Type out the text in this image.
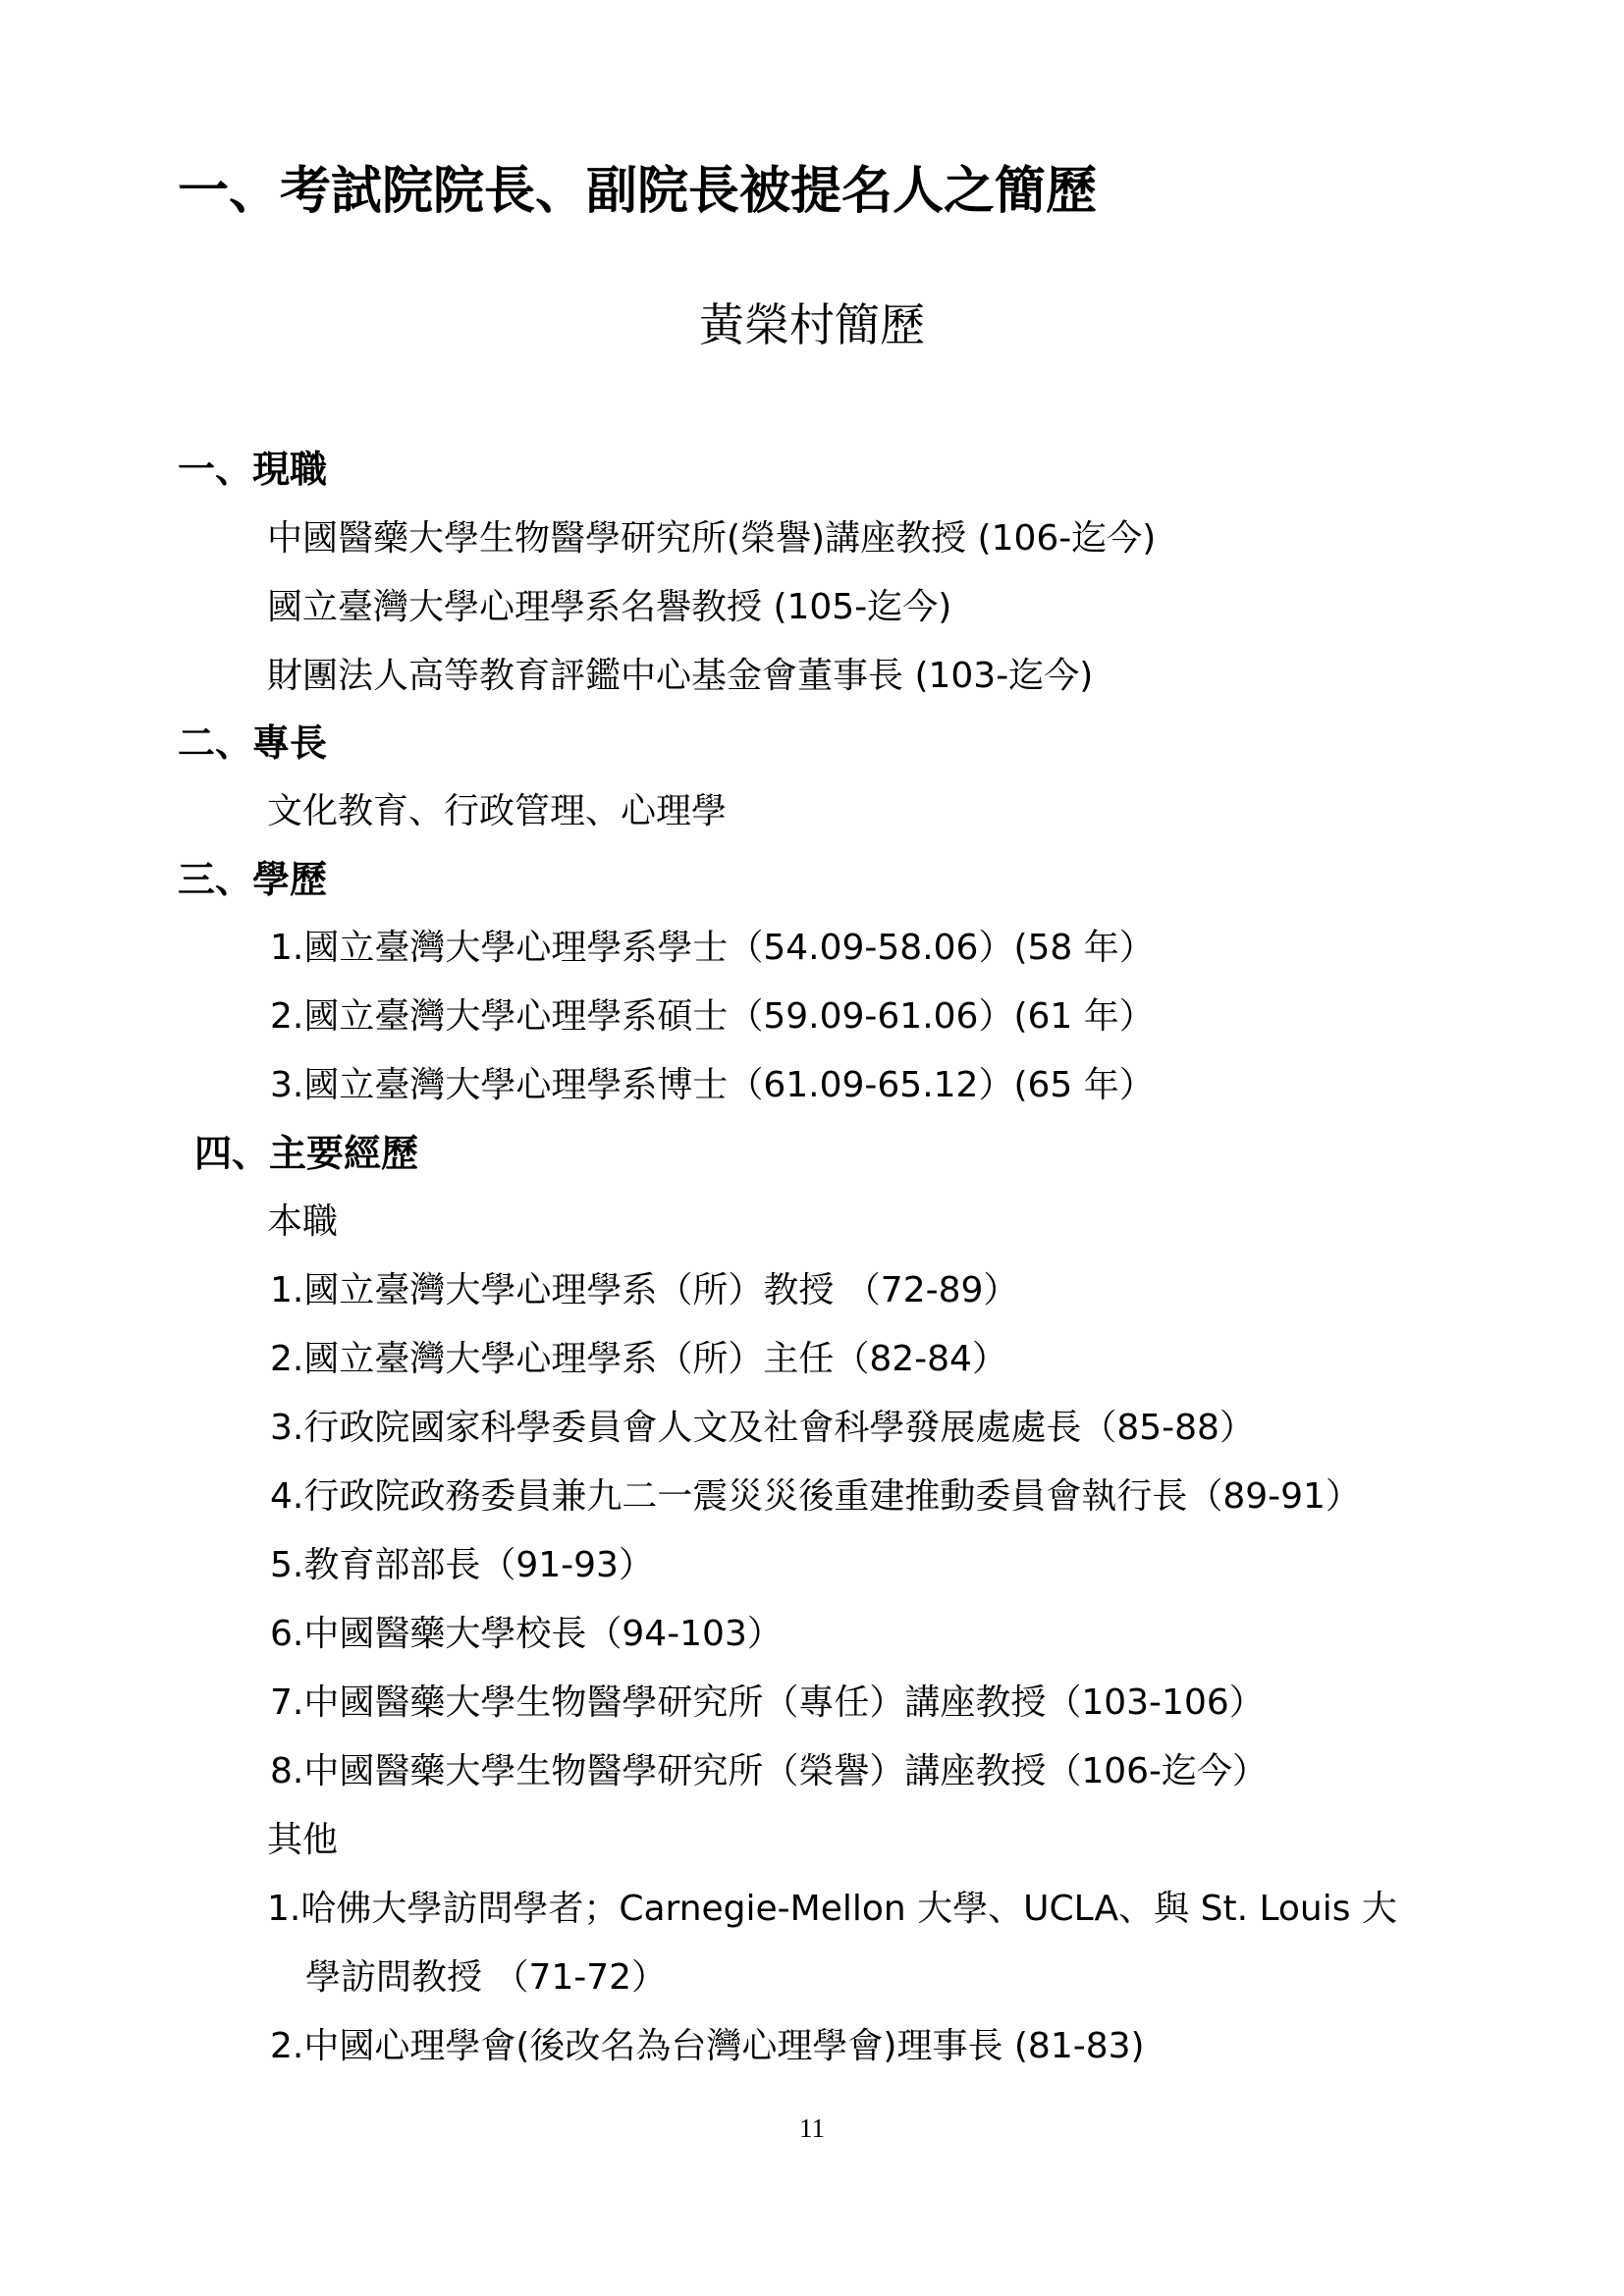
一、考試院院長、副院長被提名人之簡歷
黃榮村簡歷
一、現職
中國醫藥大學生物醫學研究所(榮譽)講座教授 (106-迄今)
國立臺灣大學心理學系名譽教授 (105-迄今)
財團法人高等教育評鑑中心基金會董事長 (103-迄今)
二、專長
文化教育、行政管理、心理學
三、學歷
1.國立臺灣大學心理學系學士（54.09-58.06）(58 年）
2.國立臺灣大學心理學系碩士（59.09-61.06）(61 年）
3.國立臺灣大學心理學系博士（61.09-65.12）(65 年）
四、主要經歷
本職
1.國立臺灣大學心理學系（所）教授 （72-89）
2.國立臺灣大學心理學系（所）主任（82-84）
3.行政院國家科學委員會人文及社會科學發展處處長（85-88）
4.行政院政務委員兼九二一震災災後重建推動委員會執行長（89-91）
5.教育部部長（91-93）
6.中國醫藥大學校長（94-103）
7.中國醫藥大學生物醫學研究所（專任）講座教授（103-106）
8.中國醫藥大學生物醫學研究所（榮譽）講座教授（106-迄今）
其他
1.哈佛大學訪問學者；Carnegie-Mellon 大學、UCLA、與 St. Louis 大
學訪問教授 （71-72）
2.中國心理學會(後改名為台灣心理學會)理事長 (81-83)
11
